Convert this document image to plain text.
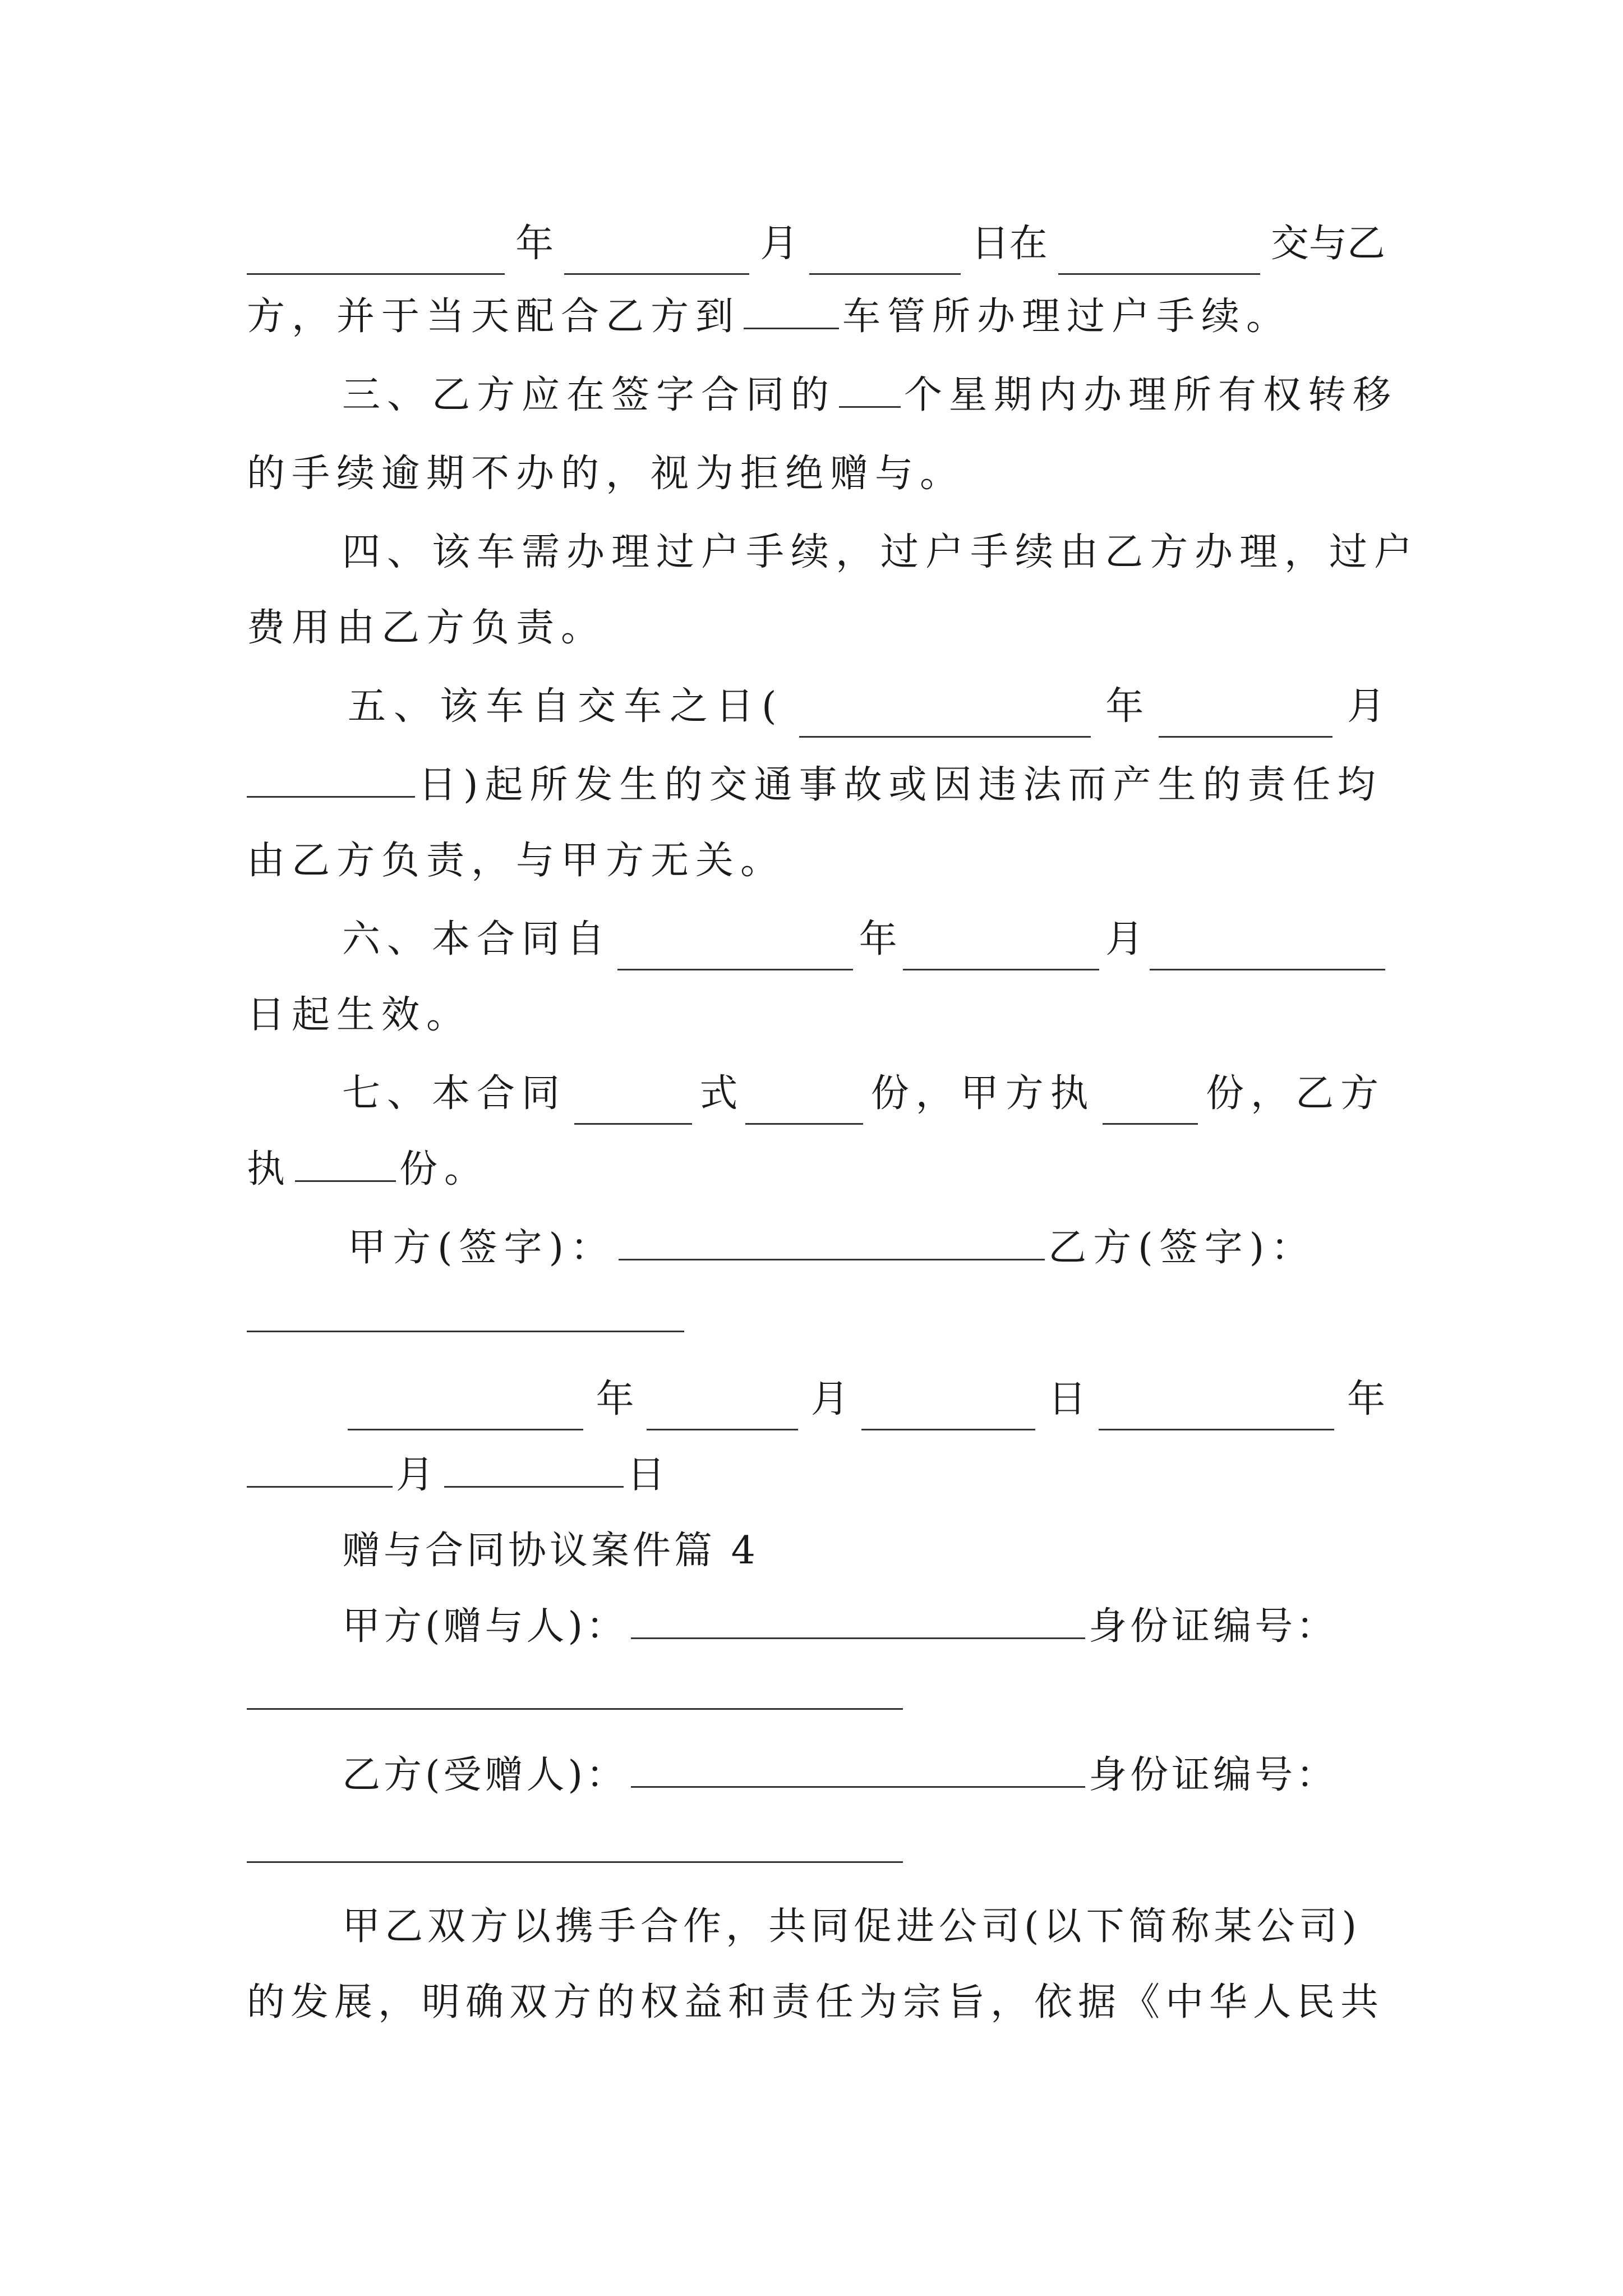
年	月	日在	交与乙
方，并于当天配合乙方到	车管所办理过户手续。
三、乙方应在签字合同的 个星期内办理所有权转移
的手续逾期不办的，视为拒绝赠与。
四、该车需办理过户手续，过户手续由乙方办理，过户
费用由乙方负责。
五、该车自交车之日(	年	月
日)起所发生的交通事故或因违法而产生的责任均
由乙方负责，与甲方无关。
六、本合同自	年	月
日起生效。
七、本合同	式	份，甲方执	份，乙方
执	份。
甲方(签字)：	乙方(签字)：
年	月	日	年
月	日
赠与合同协议案件篇 4
甲方(赠与人)：	身份证编号：
乙方(受赠人)：	身份证编号：
甲乙双方以携手合作，共同促进公司(以下简称某公司)
的发展，明确双方的权益和责任为宗旨，依据《中华人民共
